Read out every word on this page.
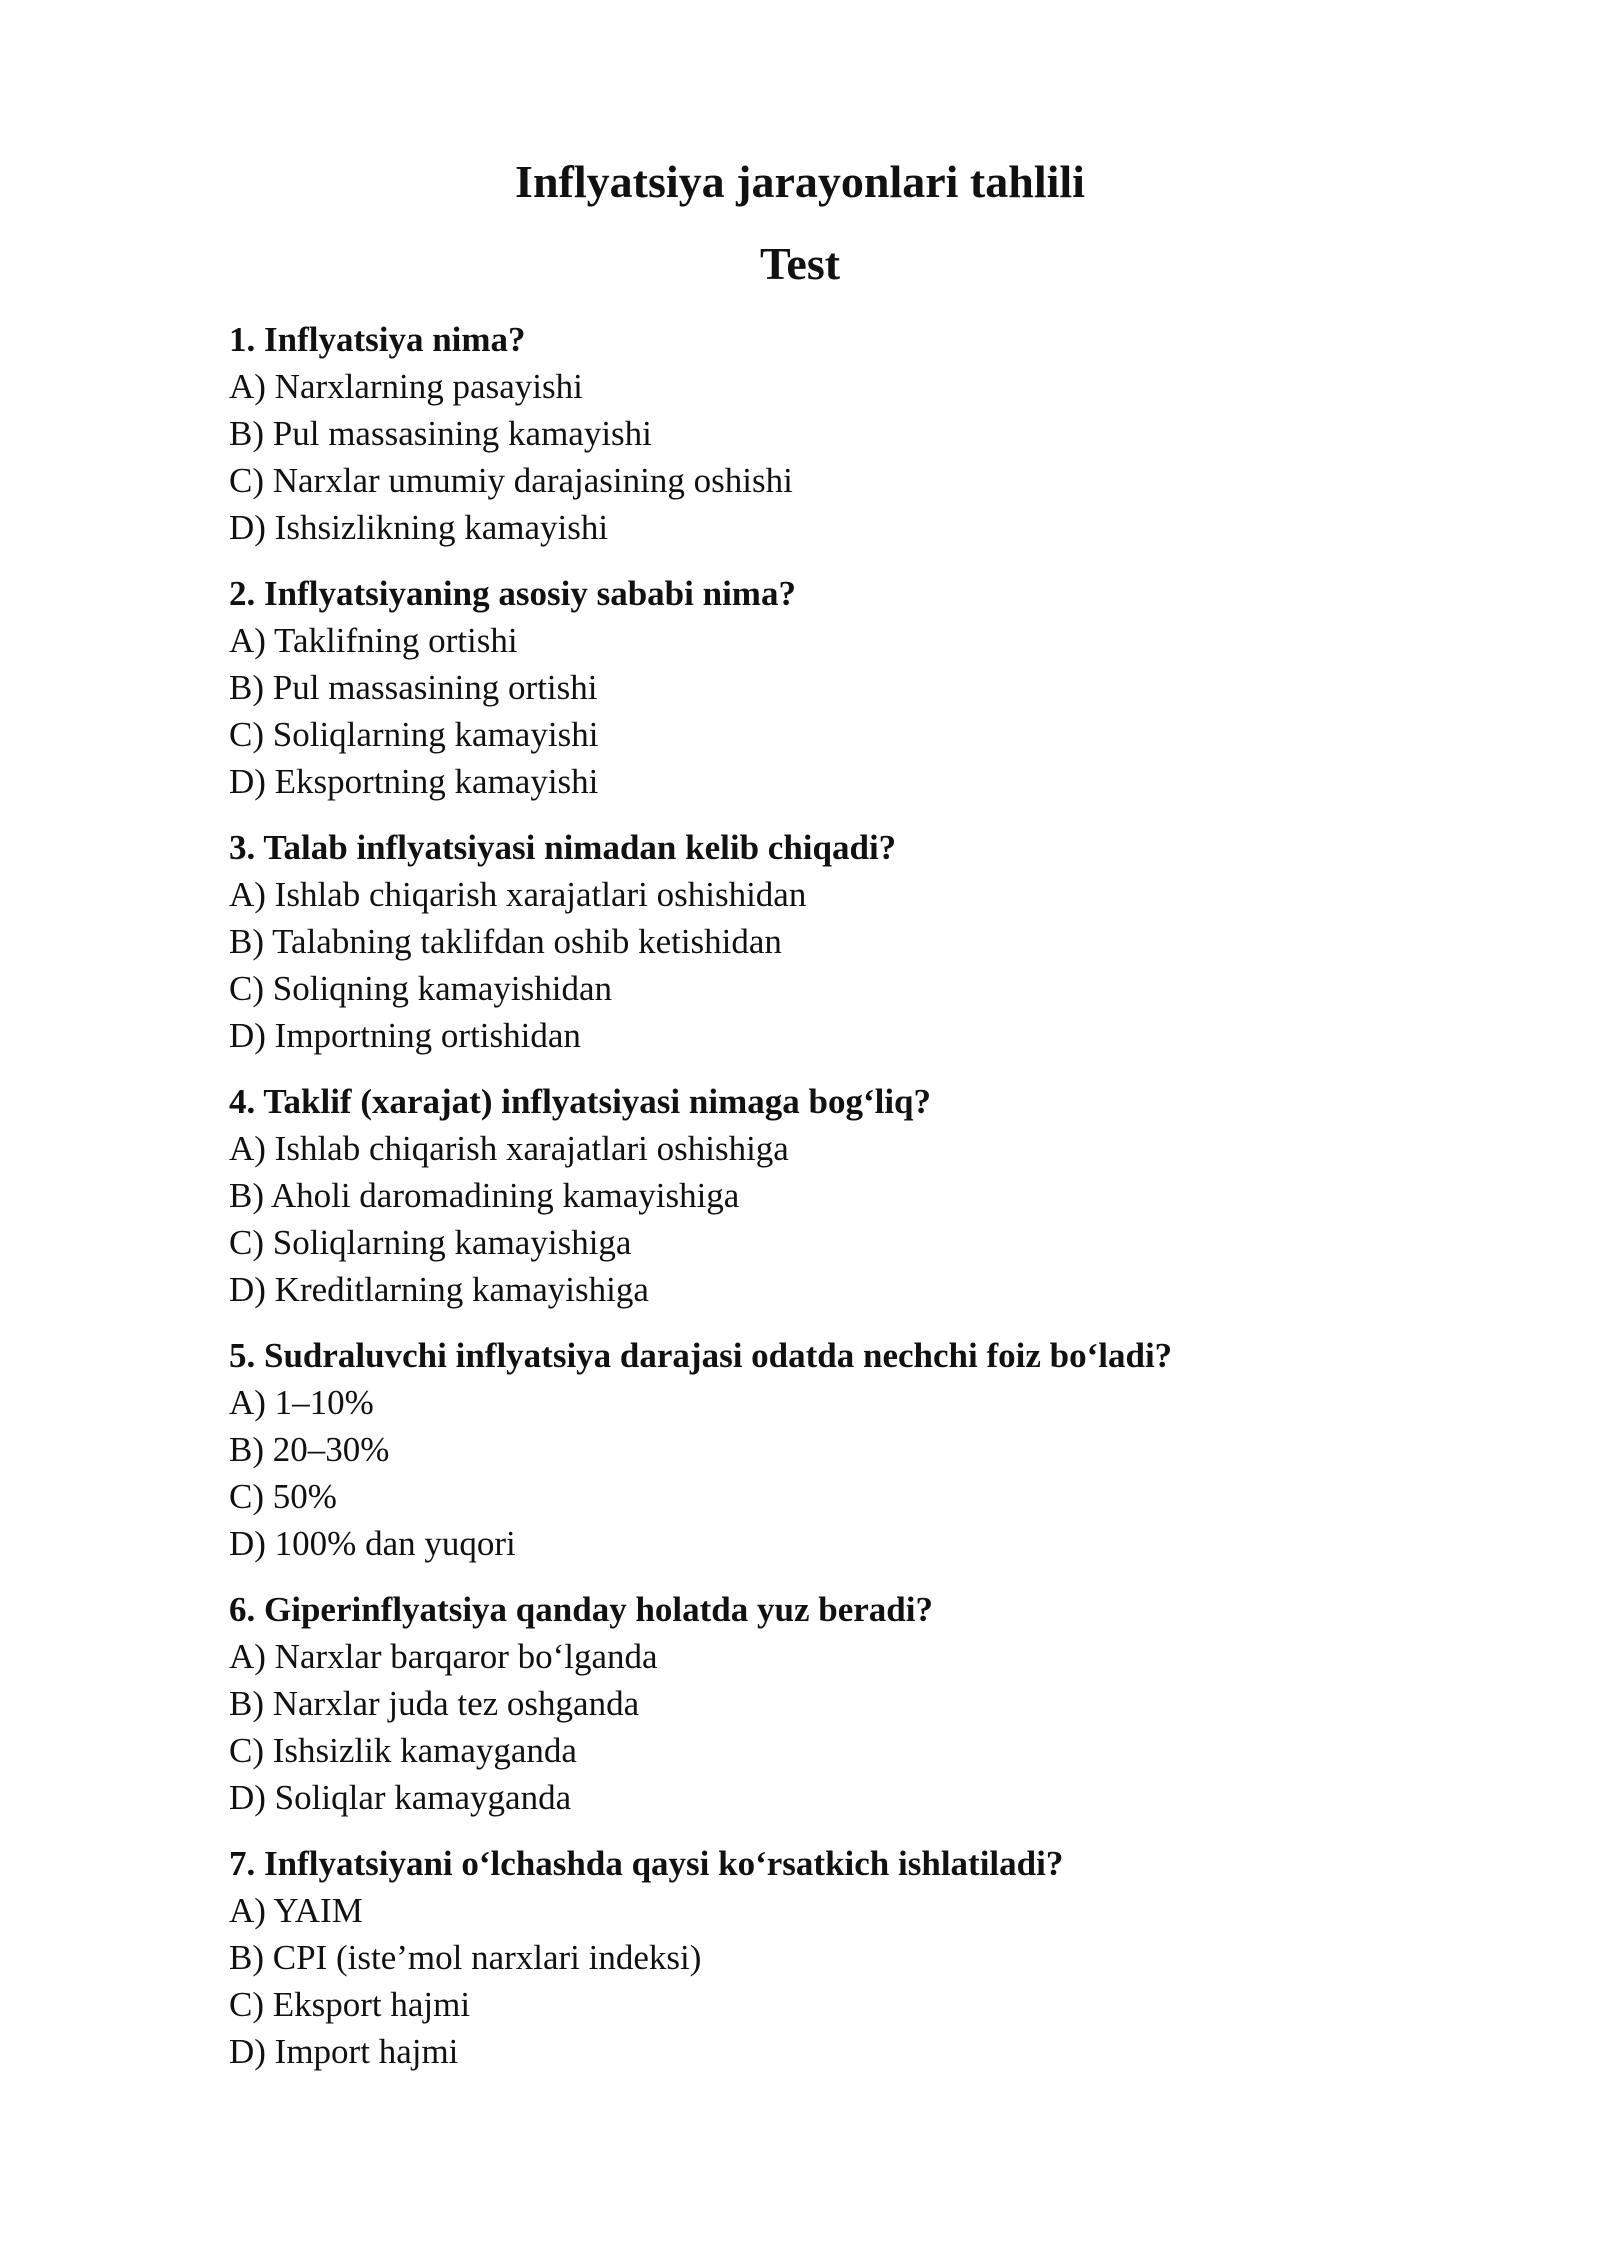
Inflyatsiya jarayonlari tahlili
Test

1. Inflyatsiya nima?

A) Narxlarning pasayishi
B) Pul massasining kamayishi
C) Narxlar umumiy darajasining oshishi
D) Ishsizlikning kamayishi

2. Inflyatsiyaning asosiy sababi nima?

A) Taklifning ortishi
B) Pul massasining ortishi
C) Soliqlarning kamayishi
D) Eksportning kamayishi

3. Talab inflyatsiyasi nimadan kelib chiqadi?

A) Ishlab chiqarish xarajatlari oshishidan
B) Talabning taklifdan oshib ketishidan
C) Soliqning kamayishidan
D) Importning ortishidan

4. Taklif (xarajat) inflyatsiyasi nimaga bog‘liq?

A) Ishlab chiqarish xarajatlari oshishiga
B) Aholi daromadining kamayishiga
C) Soliqlarning kamayishiga
D) Kreditlarning kamayishiga

5. Sudraluvchi inflyatsiya darajasi odatda nechchi foiz bo‘ladi?

A) 1–10%
B) 20–30%
C) 50%
D) 100% dan yuqori

6. Giperinflyatsiya qanday holatda yuz beradi?

A) Narxlar barqaror bo‘lganda
B) Narxlar juda tez oshganda
C) Ishsizlik kamayganda
D) Soliqlar kamayganda

7. Inflyatsiyani o‘lchashda qaysi ko‘rsatkich ishlatiladi?

A) YAIM
B) CPI (iste’mol narxlari indeksi)
C) Eksport hajmi
D) Import hajmi
